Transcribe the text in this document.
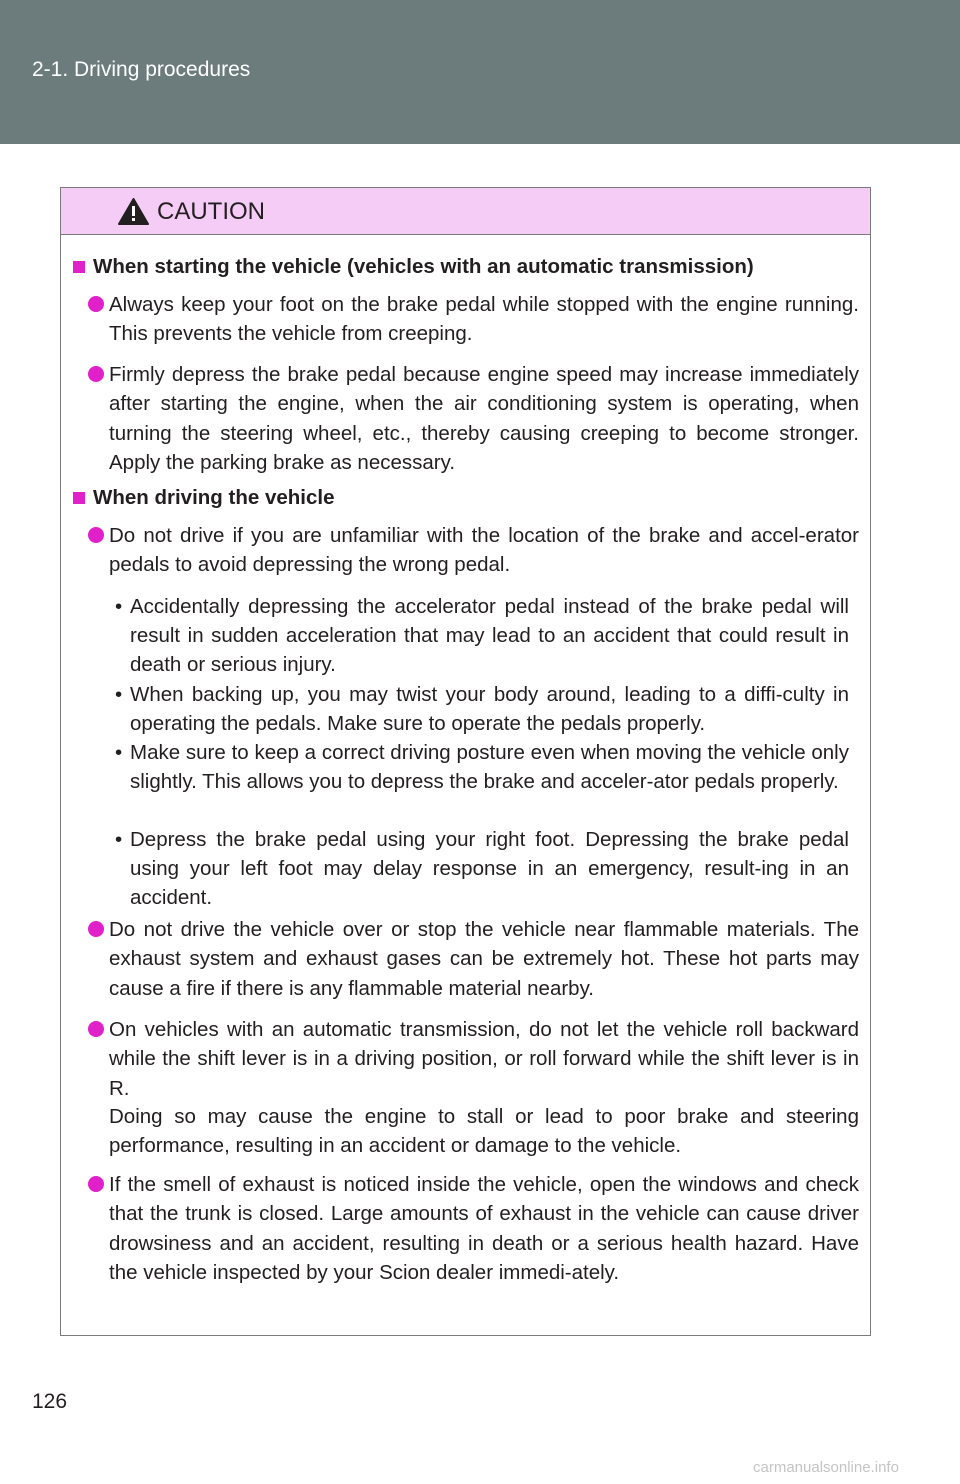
2-1. Driving procedures
CAUTION
When starting the vehicle (vehicles with an automatic transmission)
Always keep your foot on the brake pedal while stopped with the engine running. This prevents the vehicle from creeping.
Firmly depress the brake pedal because engine speed may increase immediately after starting the engine, when the air conditioning system is operating, when turning the steering wheel, etc., thereby causing creeping to become stronger. Apply the parking brake as necessary.
When driving the vehicle
Do not drive if you are unfamiliar with the location of the brake and accel-erator pedals to avoid depressing the wrong pedal.
• Accidentally depressing the accelerator pedal instead of the brake pedal will result in sudden acceleration that may lead to an accident that could result in death or serious injury.
• When backing up, you may twist your body around, leading to a diffi-culty in operating the pedals. Make sure to operate the pedals properly.
• Make sure to keep a correct driving posture even when moving the vehicle only slightly. This allows you to depress the brake and acceler-ator pedals properly.
• Depress the brake pedal using your right foot. Depressing the brake pedal using your left foot may delay response in an emergency, result-ing in an accident.
Do not drive the vehicle over or stop the vehicle near flammable materials. The exhaust system and exhaust gases can be extremely hot. These hot parts may cause a fire if there is any flammable material nearby.
On vehicles with an automatic transmission, do not let the vehicle roll backward while the shift lever is in a driving position, or roll forward while the shift lever is in R.
Doing so may cause the engine to stall or lead to poor brake and steering performance, resulting in an accident or damage to the vehicle.
If the smell of exhaust is noticed inside the vehicle, open the windows and check that the trunk is closed. Large amounts of exhaust in the vehicle can cause driver drowsiness and an accident, resulting in death or a serious health hazard. Have the vehicle inspected by your Scion dealer immedi-ately.
126
carmanualsonline.info
